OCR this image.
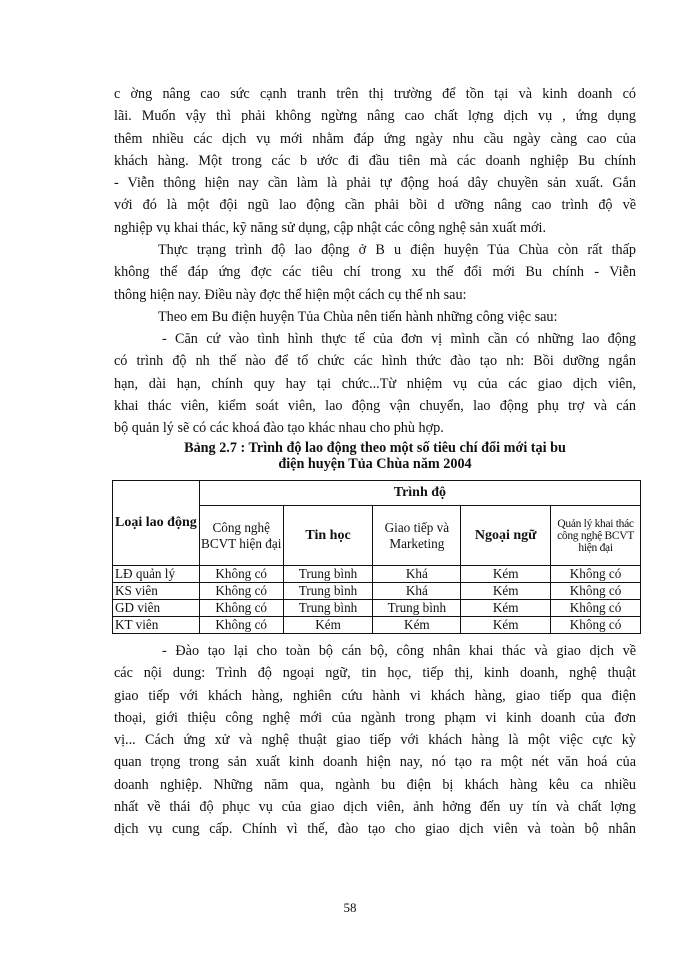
c ờng nâng cao sức cạnh tranh trên thị trường để tồn tại và kinh doanh có
lãi. Muốn vậy thì phải không ngừng nâng cao chất lợng dịch vụ , ứng dụng
thêm nhiều các dịch vụ mới nhằm đáp ứng ngày nhu cầu ngày càng cao của
khách hàng. Một trong các b ước đi đầu tiên mà các doanh nghiệp Bu chính
- Viễn thông hiện nay cần làm là phải tự động hoá dây chuyền sản xuất. Gắn
với đó là một đội ngũ lao động cần phải bồi d ưỡng nâng cao trình độ về
nghiệp vụ khai thác, kỹ năng sử dụng, cập nhật các công nghệ sản xuất mới.
Thực trạng trình độ lao động ở B u điện huyện Tủa Chùa còn rất thấp
không thể đáp ứng đợc các tiêu chí trong xu thế đổi mới Bu chính - Viễn
thông hiện nay. Điều này đợc thể hiện một cách cụ thể nh sau:
Theo em Bu điện huyện Tủa Chùa nên tiến hành những công việc sau:
- Căn cứ vào tình hình thực tế của đơn vị mình cần có những lao động
có trình độ nh thế nào để tổ chức các hình thức đào tạo nh: Bồi dưỡng ngắn
hạn, dài hạn, chính quy hay tại chức...Từ nhiệm vụ của các giao dịch viên,
khai thác viên, kiểm soát viên, lao động vận chuyển, lao động phụ trợ và cán
bộ quản lý sẽ có các khoá đào tạo khác nhau cho phù hợp.
Bảng 2.7 : Trình độ lao động theo một số tiêu chí đổi mới tại bu
điện huyện Tủa Chùa năm 2004
Loại lao động	Trình độ				
	Công nghệ BCVT hiện đại	Tin học	Giao tiếp và Marketing	Ngoại ngữ	Quản lý khai thác công nghệ BCVT hiện đại
LĐ quản lý	Không có	Trung bình	Khá	Kém	Không có
KS viên	Không có	Trung bình	Khá	Kém	Không có
GD viên	Không có	Trung bình	Trung bình	Kém	Không có
KT viên	Không có	Kém	Kém	Kém	Không có
- Đào tạo lại cho toàn bộ cán bộ, công nhân khai thác và giao dịch về
các nội dung: Trình độ ngoại ngữ, tin học, tiếp thị, kinh doanh, nghệ thuật
giao tiếp với khách hàng, nghiên cứu hành vi khách hàng, giao tiếp qua điện
thoại, giới thiệu công nghệ mới của ngành trong phạm vi kinh doanh của đơn
vị... Cách ứng xử và nghệ thuật giao tiếp với khách hàng là một việc cực kỳ
quan trọng trong sản xuất kinh doanh hiện nay, nó tạo ra một nét văn hoá của
doanh nghiệp. Những năm qua, ngành bu điện bị khách hàng kêu ca nhiều
nhất về thái độ phục vụ của giao dịch viên, ảnh hởng đến uy tín và chất lợng
dịch vụ cung cấp. Chính vì thế, đào tạo cho giao dịch viên và toàn bộ nhân
58
